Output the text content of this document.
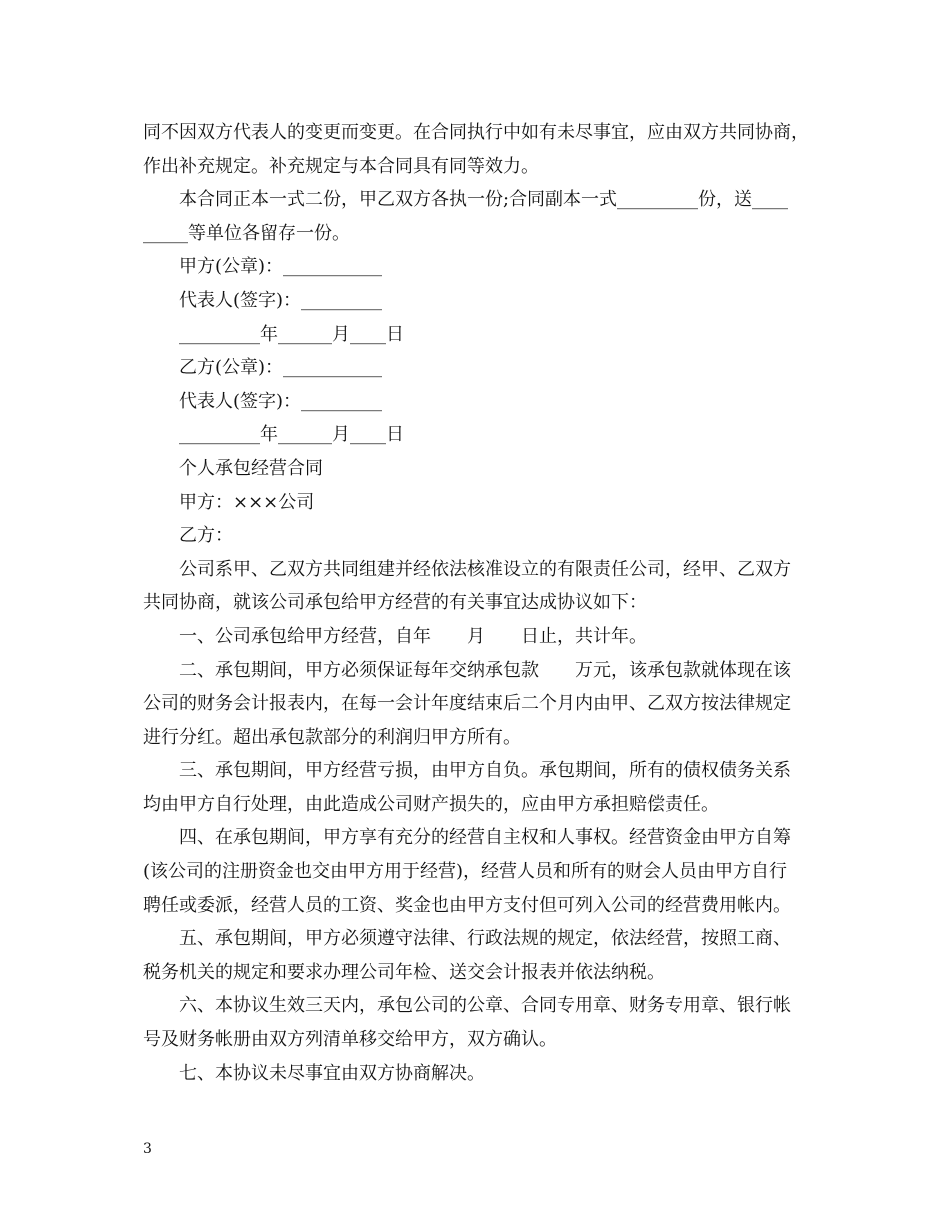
同不因双方代表人的变更而变更。在合同执行中如有未尽事宜，应由双方共同协商，
作出补充规定。补充规定与本合同具有同等效力。
本合同正本一式二份，甲乙双方各执一份;合同副本一式_________份，送____
_____等单位各留存一份。
甲方(公章)：___________
代表人(签字)：_________
_________年______月____日
乙方(公章)：___________
代表人(签字)：_________
_________年______月____日
个人承包经营合同
甲方：×××公司
乙方：
公司系甲、乙双方共同组建并经依法核准设立的有限责任公司，经甲、乙双方
共同协商，就该公司承包给甲方经营的有关事宜达成协议如下：
一、公司承包给甲方经营，自年　　月　　日止，共计年。
二、承包期间，甲方必须保证每年交纳承包款　　万元，该承包款就体现在该
公司的财务会计报表内，在每一会计年度结束后二个月内由甲、乙双方按法律规定
进行分红。超出承包款部分的利润归甲方所有。
三、承包期间，甲方经营亏损，由甲方自负。承包期间，所有的债权债务关系
均由甲方自行处理，由此造成公司财产损失的，应由甲方承担赔偿责任。
四、在承包期间，甲方享有充分的经营自主权和人事权。经营资金由甲方自筹
(该公司的注册资金也交由甲方用于经营)，经营人员和所有的财会人员由甲方自行
聘任或委派，经营人员的工资、奖金也由甲方支付但可列入公司的经营费用帐内。
五、承包期间，甲方必须遵守法律、行政法规的规定，依法经营，按照工商、
税务机关的规定和要求办理公司年检、送交会计报表并依法纳税。
六、本协议生效三天内，承包公司的公章、合同专用章、财务专用章、银行帐
号及财务帐册由双方列清单移交给甲方，双方确认。
七、本协议未尽事宜由双方协商解决。
3
